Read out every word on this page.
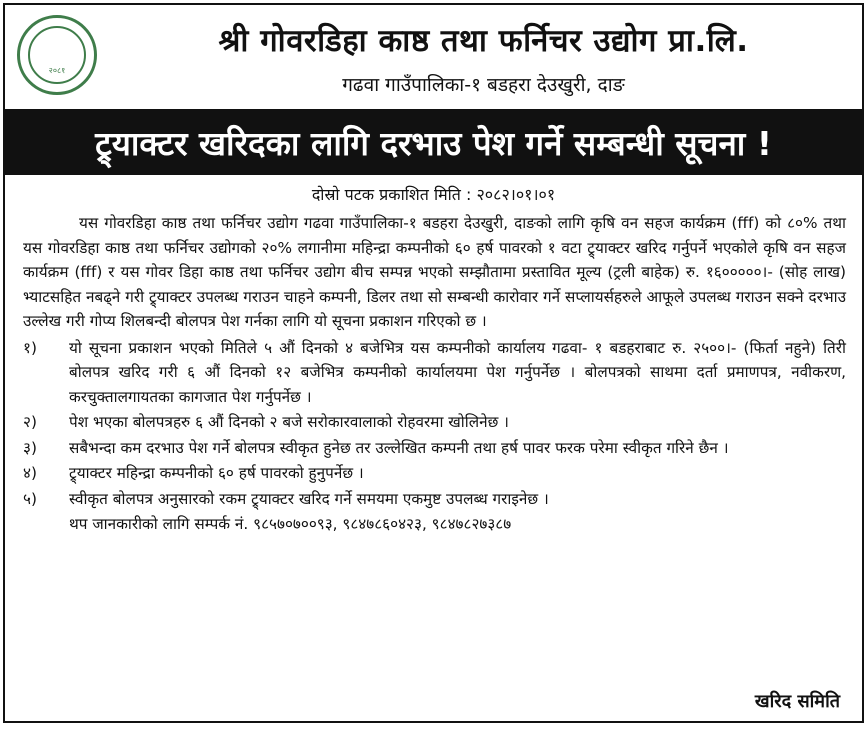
२०८१
श्री गोवरडिहा काष्ठ तथा फर्निचर उद्योग प्रा.लि.
गढवा गाउँपालिका-१ बडहरा देउखुरी, दाङ
ट्र्याक्टर खरिदका लागि दरभाउ पेश गर्ने सम्बन्धी सूचना !
दोस्रो पटक प्रकाशित मिति : २०८२।०१।०१

यस गोवरडिहा काष्ठ तथा फर्निचर उद्योग गढवा गाउँपालिका-१ बडहरा देउखुरी, दाङको लागि कृषि वन सहज कार्यक्रम (fff) को ८०% तथा यस गोवरडिहा काष्ठ तथा फर्निचर उद्योगको २०% लगानीमा महिन्द्रा कम्पनीको ६० हर्ष पावरको १ वटा ट्र्याक्टर खरिद गर्नुपर्ने भएकोले कृषि वन सहज कार्यक्रम (fff) र यस गोवर डिहा काष्ठ तथा फर्निचर उद्योग बीच सम्पन्न भएको सम्झौतामा प्रस्तावित मूल्य (ट्रली बाहेक) रु. १६०००००।- (सोह लाख) भ्याटसहित नबढ्ने गरी ट्र्याक्टर उपलब्ध गराउन चाहने कम्पनी, डिलर तथा सो सम्बन्धी कारोवार गर्ने सप्लायर्सहरुले आफूले उपलब्ध गराउन सक्ने दरभाउ उल्लेख गरी गोप्य शिलबन्दी बोलपत्र पेश गर्नका लागि यो सूचना प्रकाशन गरिएको छ ।

१)	यो सूचना प्रकाशन भएको मितिले ५ औं दिनको ४ बजेभित्र यस कम्पनीको कार्यालय गढवा- १ बडहराबाट रु. २५००।- (फिर्ता नहुने) तिरी बोलपत्र खरिद गरी ६ औं दिनको १२ बजेभित्र कम्पनीको कार्यालयमा पेश गर्नुपर्नेछ । बोलपत्रको साथमा दर्ता प्रमाणपत्र, नवीकरण, करचुक्तालगायतका कागजात पेश गर्नुपर्नेछ ।
२)	पेश भएका बोलपत्रहरु ६ औं दिनको २ बजे सरोकारवालाको रोहवरमा खोलिनेछ ।
३)	सबैभन्दा कम दरभाउ पेश गर्ने बोलपत्र स्वीकृत हुनेछ तर उल्लेखित कम्पनी तथा हर्ष पावर फरक परेमा स्वीकृत गरिने छैन ।
४)	ट्र्याक्टर महिन्द्रा कम्पनीको ६० हर्ष पावरको हुनुपर्नेछ ।
५)	स्वीकृत बोलपत्र अनुसारको रकम ट्र्याक्टर खरिद गर्ने समयमा एकमुष्ट उपलब्ध गराइनेछ ।
थप जानकारीको लागि सम्पर्क नं. ९८५७०७००९३, ९८४७८६०४२३, ९८४७८२७३८७
खरिद समिति
